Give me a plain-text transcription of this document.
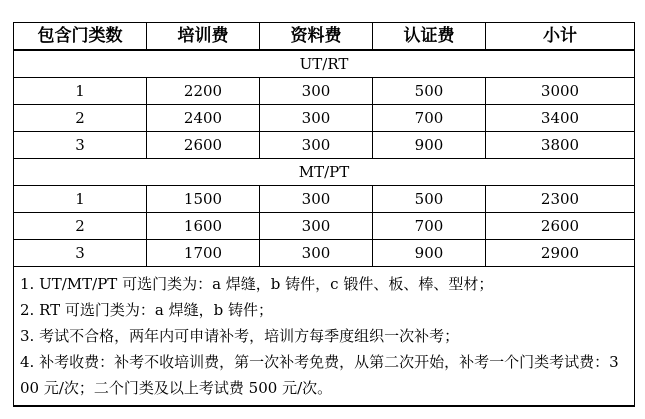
包含门类数	培训费	资料费	认证费	小计
UT/RT				
1	2200	300	500	3000
2	2400	300	700	3400
3	2600	300	900	3800
MT/PT				
1	1500	300	500	2300
2	1600	300	700	2600
3	1700	300	900	2900

1. UT/MT/PT 可选门类为：a 焊缝，b 铸件，c 锻件、板、棒、型材；
2. RT 可选门类为：a 焊缝，b 铸件；
3. 考试不合格，两年内可申请补考，培训方每季度组织一次补考；
4. 补考收费：补考不收培训费，第一次补考免费，从第二次开始，补考一个门类考试费：300 元/次；二个门类及以上考试费 500 元/次。				
